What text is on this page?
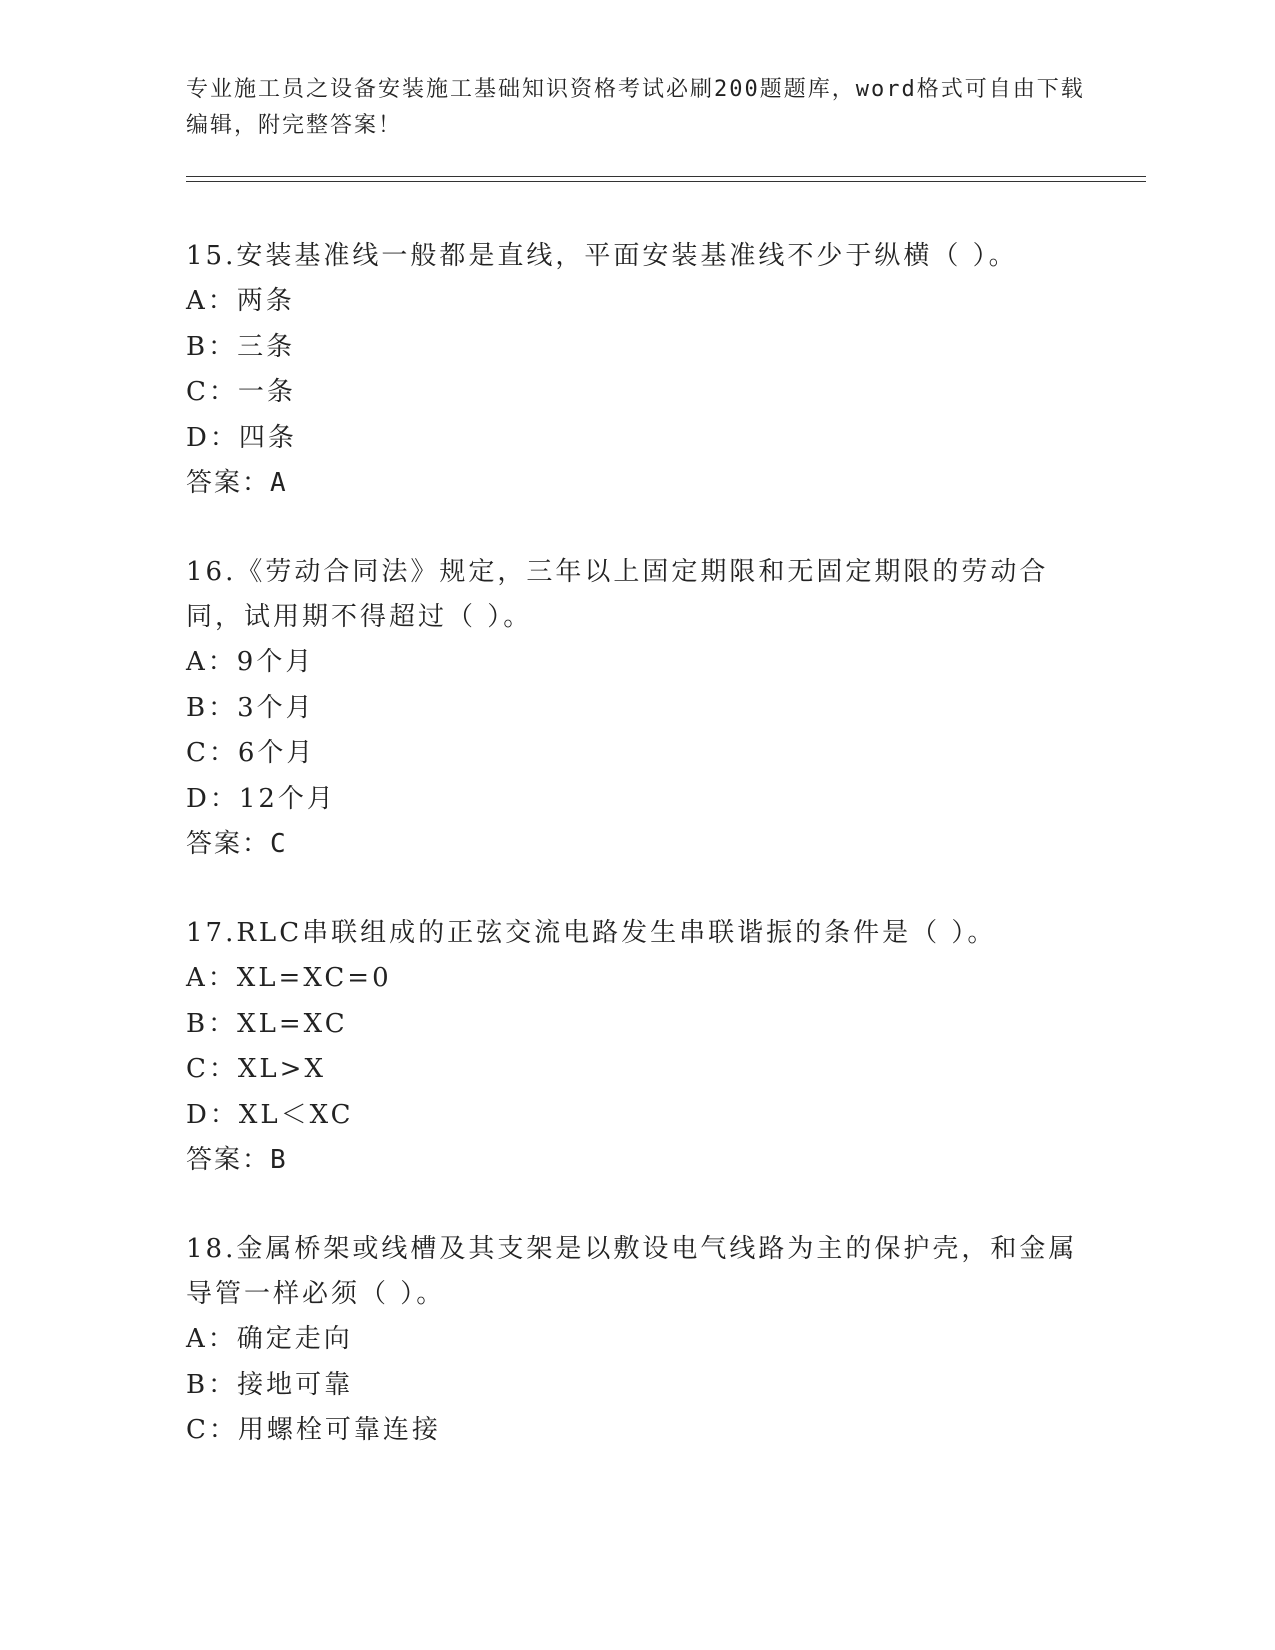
专业施工员之设备安装施工基础知识资格考试必刷200题题库，word格式可自由下载编辑，附完整答案！

15.安装基准线一般都是直线，平面安装基准线不少于纵横（ ）。

A：两条

B：三条

C：一条

D：四条

答案：A

16.《劳动合同法》规定，三年以上固定期限和无固定期限的劳动合同，试用期不得超过（ ）。

A：9个月

B：3个月

C：6个月

D：12个月

答案：C

17.RLC串联组成的正弦交流电路发生串联谐振的条件是（ ）。

A：XL=XC=0

B：XL=XC

C：XL>X

D：XL＜XC

答案：B

18.金属桥架或线槽及其支架是以敷设电气线路为主的保护壳，和金属导管一样必须（ ）。

A：确定走向

B：接地可靠

C：用螺栓可靠连接
